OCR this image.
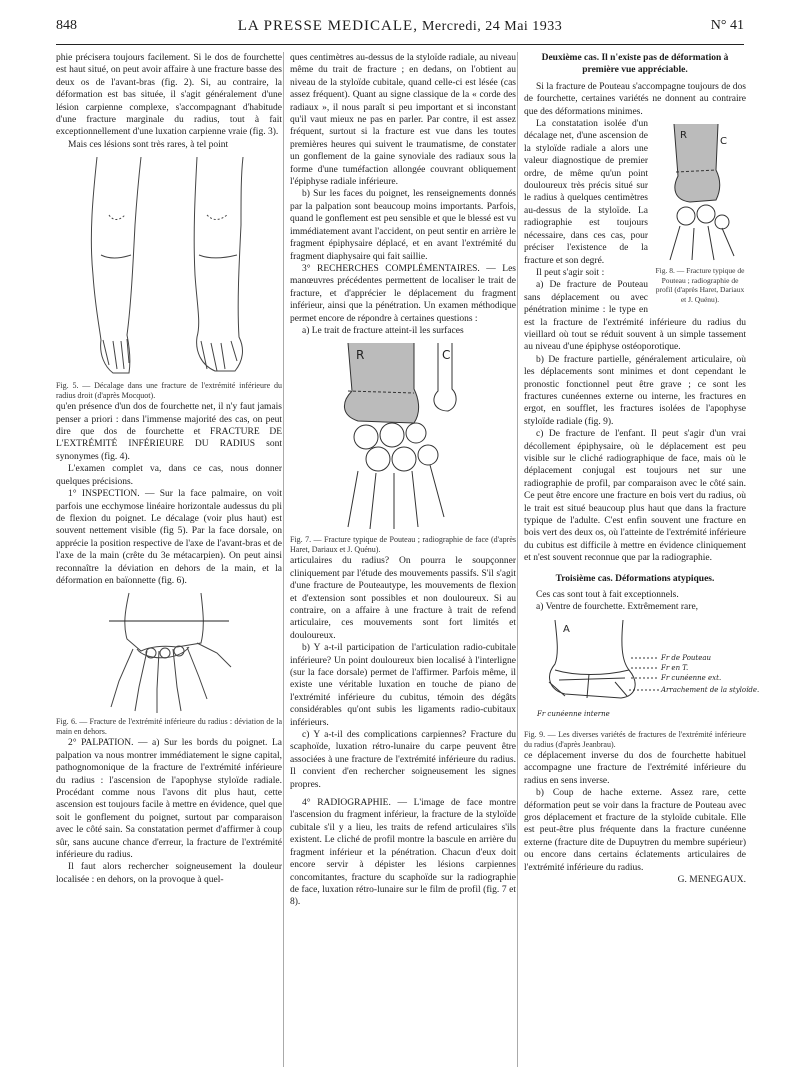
848	LA PRESSE MEDICALE, Mercredi, 24 Mai 1933	N° 41

phie précisera toujours facilement. Si le dos de fourchette est haut situé, on peut avoir affaire à une fracture basse des deux os de l'avant-bras (fig. 2). Si, au contraire, la déformation est bas située, il s'agit généralement d'une lésion carpienne complexe, s'accompagnant d'habitude d'une fracture marginale du radius, tout à fait exceptionnellement d'une luxation carpienne vraie (fig. 3).

Mais ces lésions sont très rares, à tel point

Fig. 5. — Décalage dans une fracture de l'extrémité inférieure du radius droit (d'après Mocquot).

qu'en présence d'un dos de fourchette net, il n'y faut jamais penser a priori : dans l'immense majorité des cas, on peut dire que dos de fourchette et FRACTURE DE L'EXTRÉMITÉ INFÉRIEURE DU RADIUS sont synonymes (fig. 4).

L'examen complet va, dans ce cas, nous donner quelques précisions.

1° INSPECTION. — Sur la face palmaire, on voit parfois une ecchymose linéaire horizontale audessus du pli de flexion du poignet. Le décalage (voir plus haut) est souvent nettement visible (fig 5). Par la face dorsale, on apprécie la position respective de l'axe de l'avant-bras et de l'axe de la main (crête du 3e métacarpien). On peut ainsi reconnaître la déviation en dehors de la main, et la déformation en baïonnette (fig. 6).

Fig. 6. — Fracture de l'extrémité inférieure du radius : déviation de la main en dehors.

2° PALPATION. — a) Sur les bords du poignet. La palpation va nous montrer immédiatement le signe capital, pathognomonique de la fracture de l'extrémité inférieure du radius : l'ascension de l'apophyse styloïde radiale. Procédant comme nous l'avons dit plus haut, cette ascension est toujours facile à mettre en évidence, quel que soit le gonflement du poignet, surtout par comparaison avec le côté sain. Sa constatation permet d'affirmer à coup sûr, sans aucune chance d'erreur, la fracture de l'extrémité inférieure du radius.

Il faut alors rechercher soigneusement la douleur localisée : en dehors, on la provoque à quel-

ques centimètres au-dessus de la styloïde radiale, au niveau même du trait de fracture ; en dedans, on l'obtient au niveau de la styloïde cubitale, quand celle-ci est lésée (cas assez fréquent). Quant au signe classique de la « corde des radiaux », il nous paraît si peu important et si inconstant qu'il vaut mieux ne pas en parler. Par contre, il est assez fréquent, surtout si la fracture est vue dans les toutes premières heures qui suivent le traumatisme, de constater un gonflement de la gaine synoviale des radiaux sous la forme d'une tuméfaction allongée couvrant obliquement l'épiphyse radiale inférieure.

b) Sur les faces du poignet, les renseignements donnés par la palpation sont beaucoup moins importants. Parfois, quand le gonflement est peu sensible et que le blessé est vu immédiatement avant l'accident, on peut sentir en arrière le fragment épiphysaire déplacé, et en avant l'extrémité du fragment diaphysaire qui fait saillie.

3° RECHERCHES COMPLÉMENTAIRES. — Les manœuvres précédentes permettent de localiser le trait de fracture, et d'apprécier le déplacement du fragment inférieur, ainsi que la pénétration. Un examen méthodique permet encore de répondre à certaines questions :

a) Le trait de fracture atteint-il les surfaces

R	C

Fig. 7. — Fracture typique de Pouteau ; radiographie de face (d'après Haret, Dariaux et J. Quénu).

articulaires du radius? On pourra le soupçonner cliniquement par l'étude des mouvements passifs. S'il s'agit d'une fracture de Pouteautype, les mouvements de flexion et d'extension sont possibles et non douloureux. Si au contraire, on a affaire à une fracture à trait de refend articulaire, ces mouvements sont fort limités et douloureux.

b) Y a-t-il participation de l'articulation radio-cubitale inférieure? Un point douloureux bien localisé à l'interligne (sur la face dorsale) permet de l'affirmer. Parfois même, il existe une véritable luxation en touche de piano de l'extrémité inférieure du cubitus, témoin des dégâts considérables qu'ont subis les ligaments radio-cubitaux inférieurs.

c) Y a-t-il des complications carpiennes? Fracture du scaphoïde, luxation rétro-lunaire du carpe peuvent être associées à une fracture de l'extrémité inférieure du radius. Il convient d'en rechercher soigneusement les signes propres.

4° RADIOGRAPHIE. — L'image de face montre l'ascension du fragment inférieur, la fracture de la styloïde cubitale s'il y a lieu, les traits de refend articulaires s'ils existent. Le cliché de profil montre la bascule en arrière du fragment inférieur et la pénétration. Chacun d'eux doit encore servir à dépister les lésions carpiennes concomitantes, fracture du scaphoïde sur la radiographie de face, luxation rétro-lunaire sur le film de profil (fig. 7 et 8).

Deuxième cas. Il n'existe pas de déformation à première vue appréciable.

Si la fracture de Pouteau s'accompagne toujours de dos de fourchette, certaines variétés ne donnent au contraire que des déformations minimes.

R
C

Fig. 8. — Fracture typique de Pouteau ; radiographie de profil (d'après Haret, Dariaux et J. Quénu).

La constatation isolée d'un décalage net, d'une ascension de la styloïde radiale a alors une valeur diagnostique de premier ordre, de même qu'un point douloureux très précis situé sur le radius à quelques centimètres au-dessus de la styloïde. La radiographie est toujours nécessaire, dans ces cas, pour préciser l'existence de la fracture et son degré.

Il peut s'agir soit :

a) De fracture de Pouteau sans déplacement ou avec pénétration minime : le type en est la fracture de l'extrémité inférieure du radius du vieillard où tout se réduit souvent à un simple tassement au niveau d'une épiphyse ostéoporotique.

b) De fracture partielle, généralement articulaire, où les déplacements sont minimes et dont cependant le pronostic fonctionnel peut être grave ; ce sont les fractures cunéennes externe ou interne, les fractures en ergot, en soufflet, les fractures isolées de l'apophyse styloïde radiale (fig. 9).

c) De fracture de l'enfant. Il peut s'agir d'un vrai décollement épiphysaire, où le déplacement est peu visible sur le cliché radiographique de face, mais où le déplacement conjugal est toujours net sur une radiographie de profil, par comparaison avec le côté sain. Ce peut être encore une fracture en bois vert du radius, où le trait est situé beaucoup plus haut que dans la fracture typique de l'adulte. C'est enfin souvent une fracture en bois vert des deux os, où l'atteinte de l'extrémité inférieure du cubitus est difficile à mettre en évidence cliniquement et n'est souvent reconnue que par la radiographie.

Troisième cas. Déformations atypiques.

Ces cas sont tout à fait exceptionnels.

a) Ventre de fourchette. Extrêmement rare,

A
Fr de Pouteau
Fr en T.
Fr cunéenne ext.
Arrachement de la styloïde.
Fr cunéenne interne

Fig. 9. — Les diverses variétés de fractures de l'extrémité inférieure du radius (d'après Jeanbrau).

ce déplacement inverse du dos de fourchette habituel accompagne une fracture de l'extrémité inférieure du radius en sens inverse.

b) Coup de hache externe. Assez rare, cette déformation peut se voir dans la fracture de Pouteau avec gros déplacement et fracture de la styloïde cubitale. Elle est peut-être plus fréquente dans la fracture cunéenne externe (fracture dite de Dupuytren du membre supérieur) ou encore dans certains éclatements articulaires de l'extrémité inférieure du radius.

G. MENEGAUX.
